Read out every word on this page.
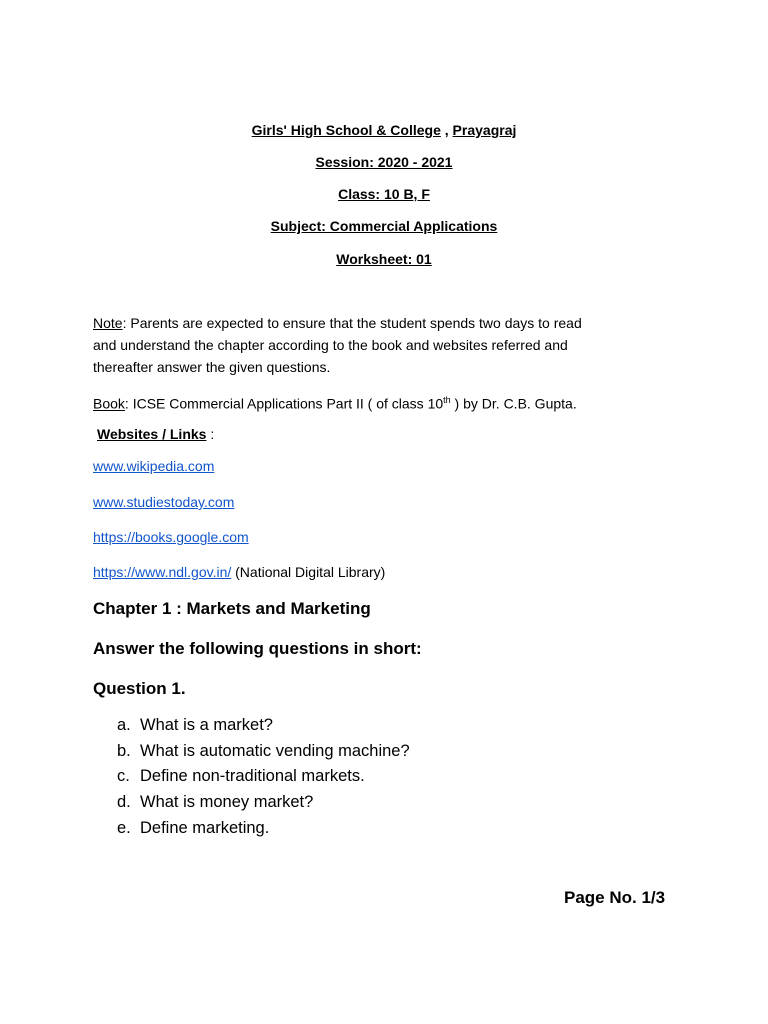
Girls' High School & College , Prayagraj
Session: 2020 - 2021
Class: 10 B, F
Subject: Commercial Applications
Worksheet: 01
Note: Parents are expected to ensure that the student spends two days to read
and understand the chapter according to the book and websites referred and
thereafter answer the given questions.
Book: ICSE Commercial Applications Part II ( of class 10th ) by Dr. C.B. Gupta.
Websites / Links :
www.wikipedia.com
www.studiestoday.com
https://books.google.com
https://www.ndl.gov.in/ (National Digital Library)
Chapter 1 : Markets and Marketing
Answer the following questions in short:
Question 1.
a. What is a market?
b. What is automatic vending machine?
c. Define non-traditional markets.
d. What is money market?
e. Define marketing.
Page No. 1/3
